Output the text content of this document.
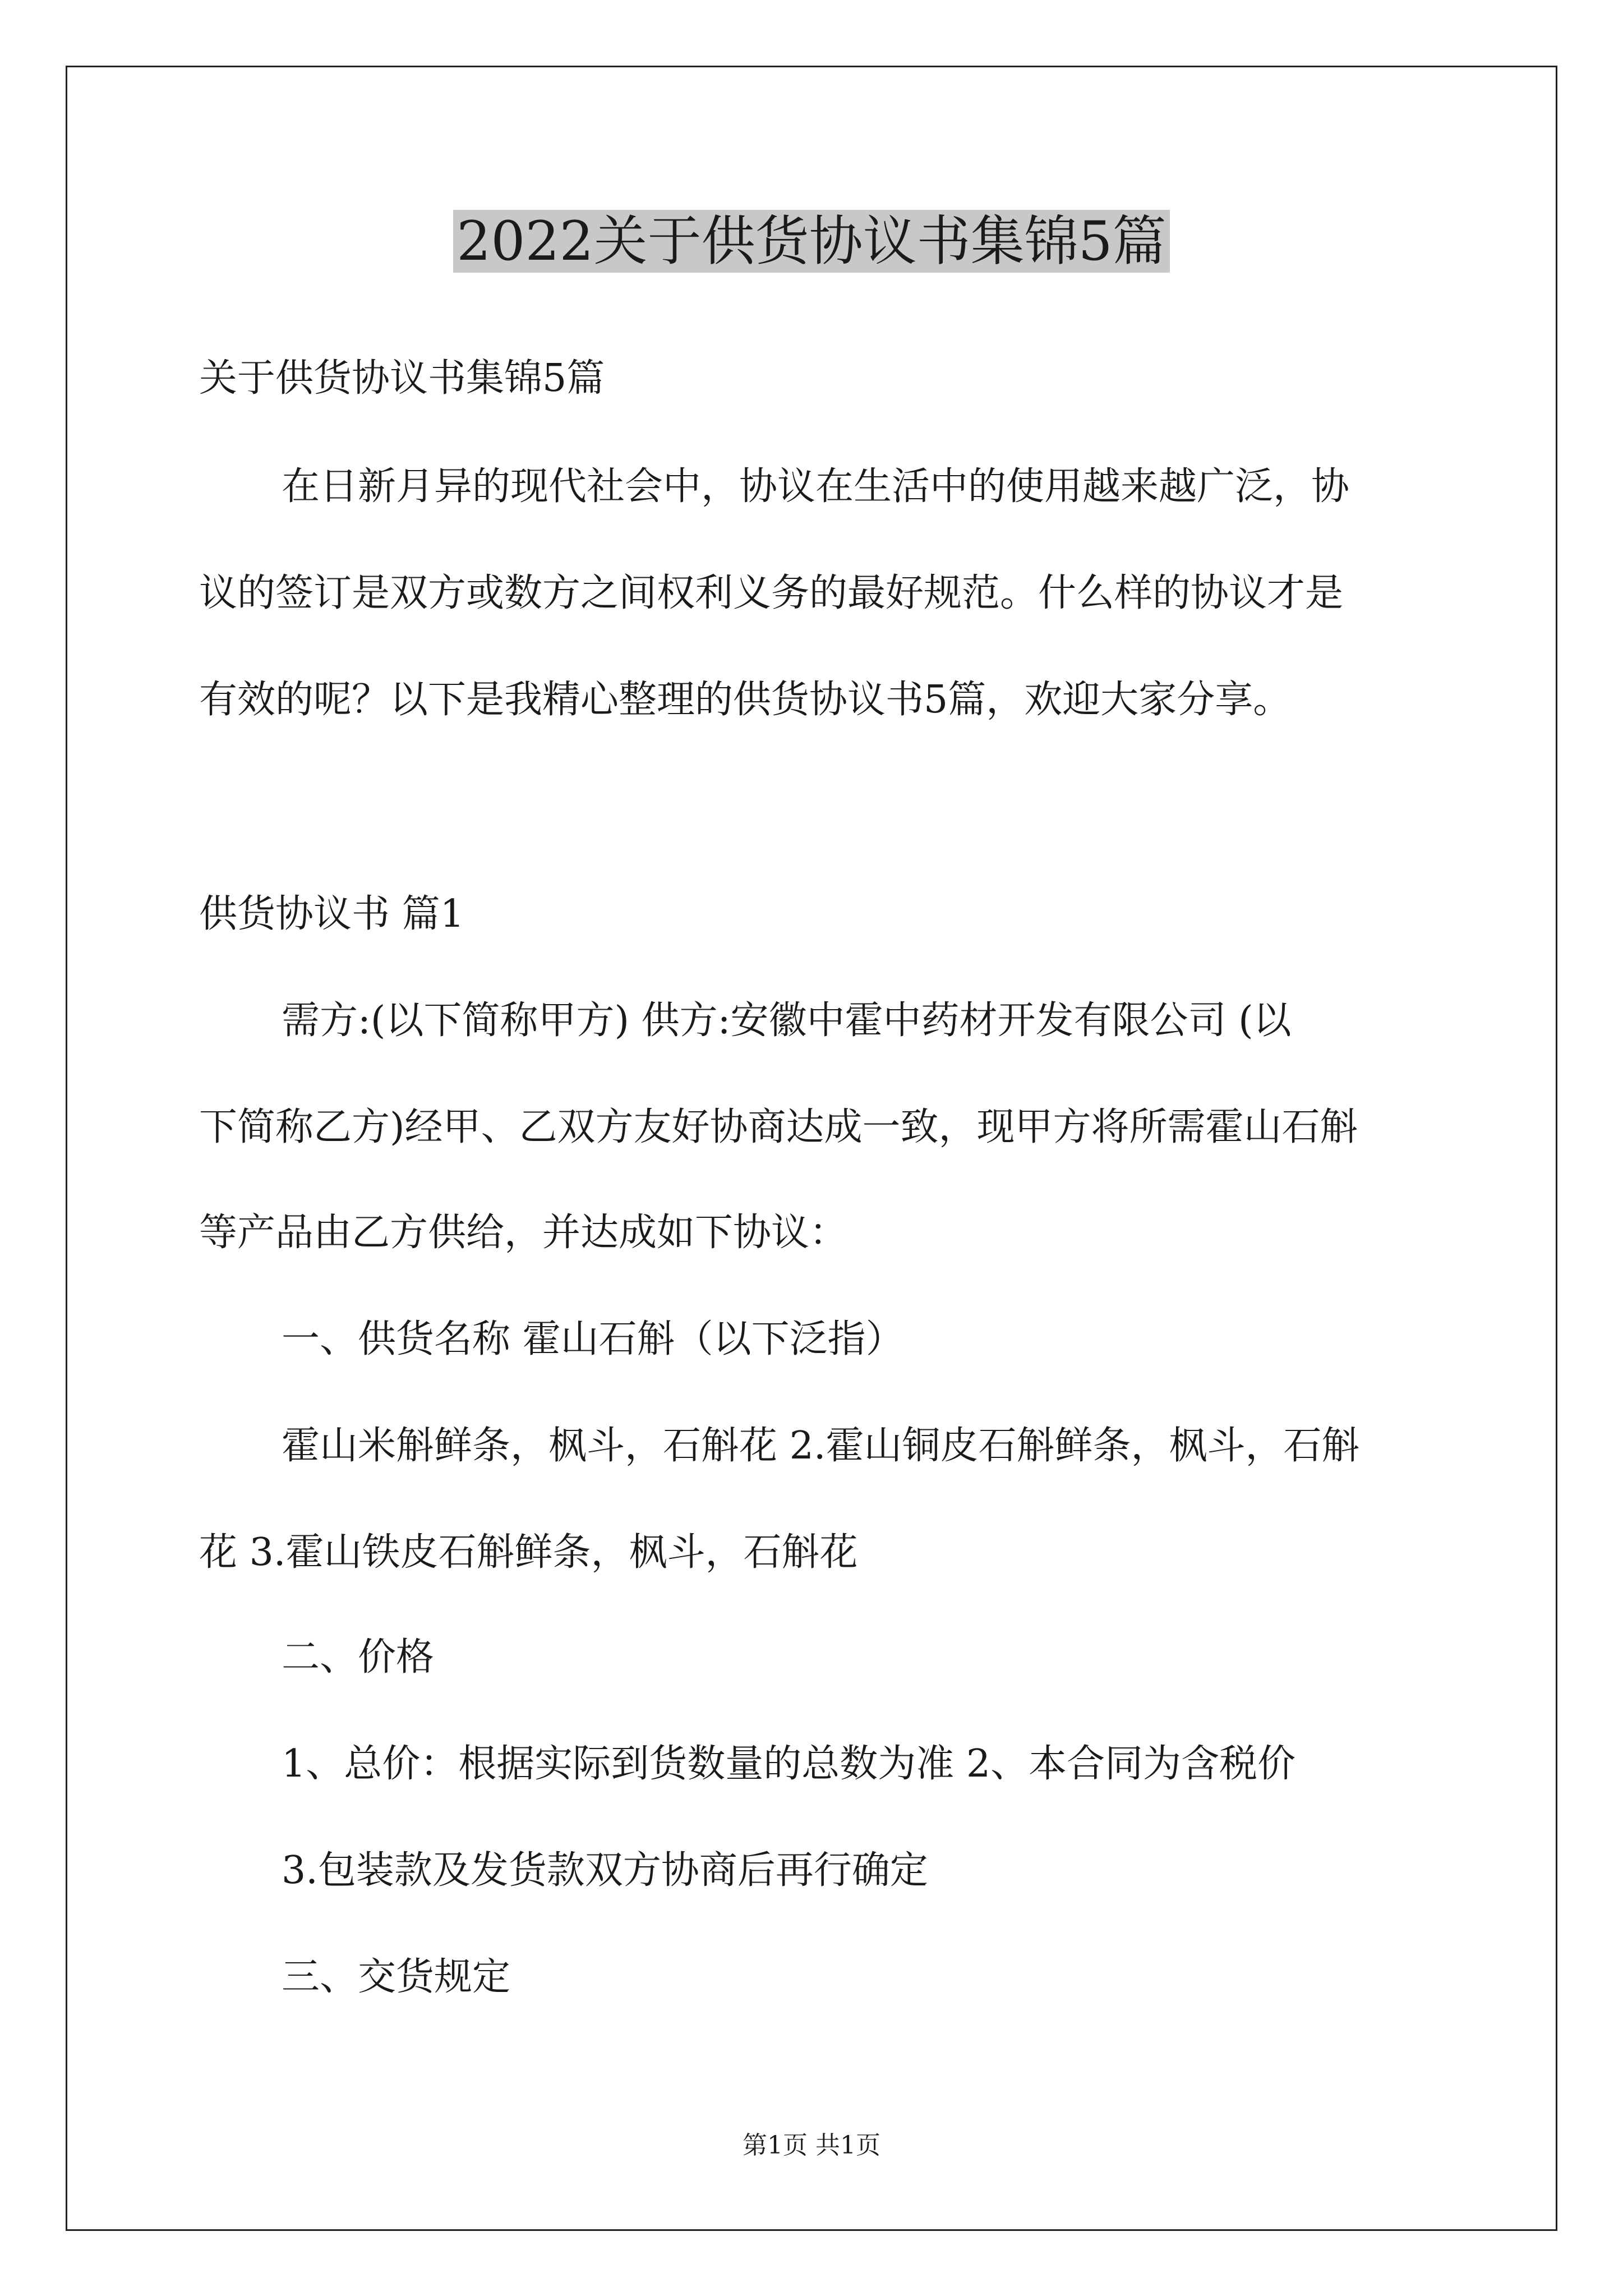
2022关于供货协议书集锦5篇
关于供货协议书集锦5篇
在日新月异的现代社会中，协议在生活中的使用越来越广泛，协
议的签订是双方或数方之间权利义务的最好规范。什么样的协议才是
有效的呢？以下是我精心整理的供货协议书5篇，欢迎大家分享。
供货协议书 篇1
需方:(以下简称甲方) 供方:安徽中霍中药材开发有限公司 (以
下简称乙方)经甲、乙双方友好协商达成一致，现甲方将所需霍山石斛
等产品由乙方供给，并达成如下协议：
一、供货名称 霍山石斛（以下泛指）
霍山米斛鲜条，枫斗，石斛花 2.霍山铜皮石斛鲜条，枫斗，石斛
花 3.霍山铁皮石斛鲜条，枫斗，石斛花
二、价格
1、总价：根据实际到货数量的总数为准 2、本合同为含税价
3.包装款及发货款双方协商后再行确定
三、交货规定
第1页 共1页
